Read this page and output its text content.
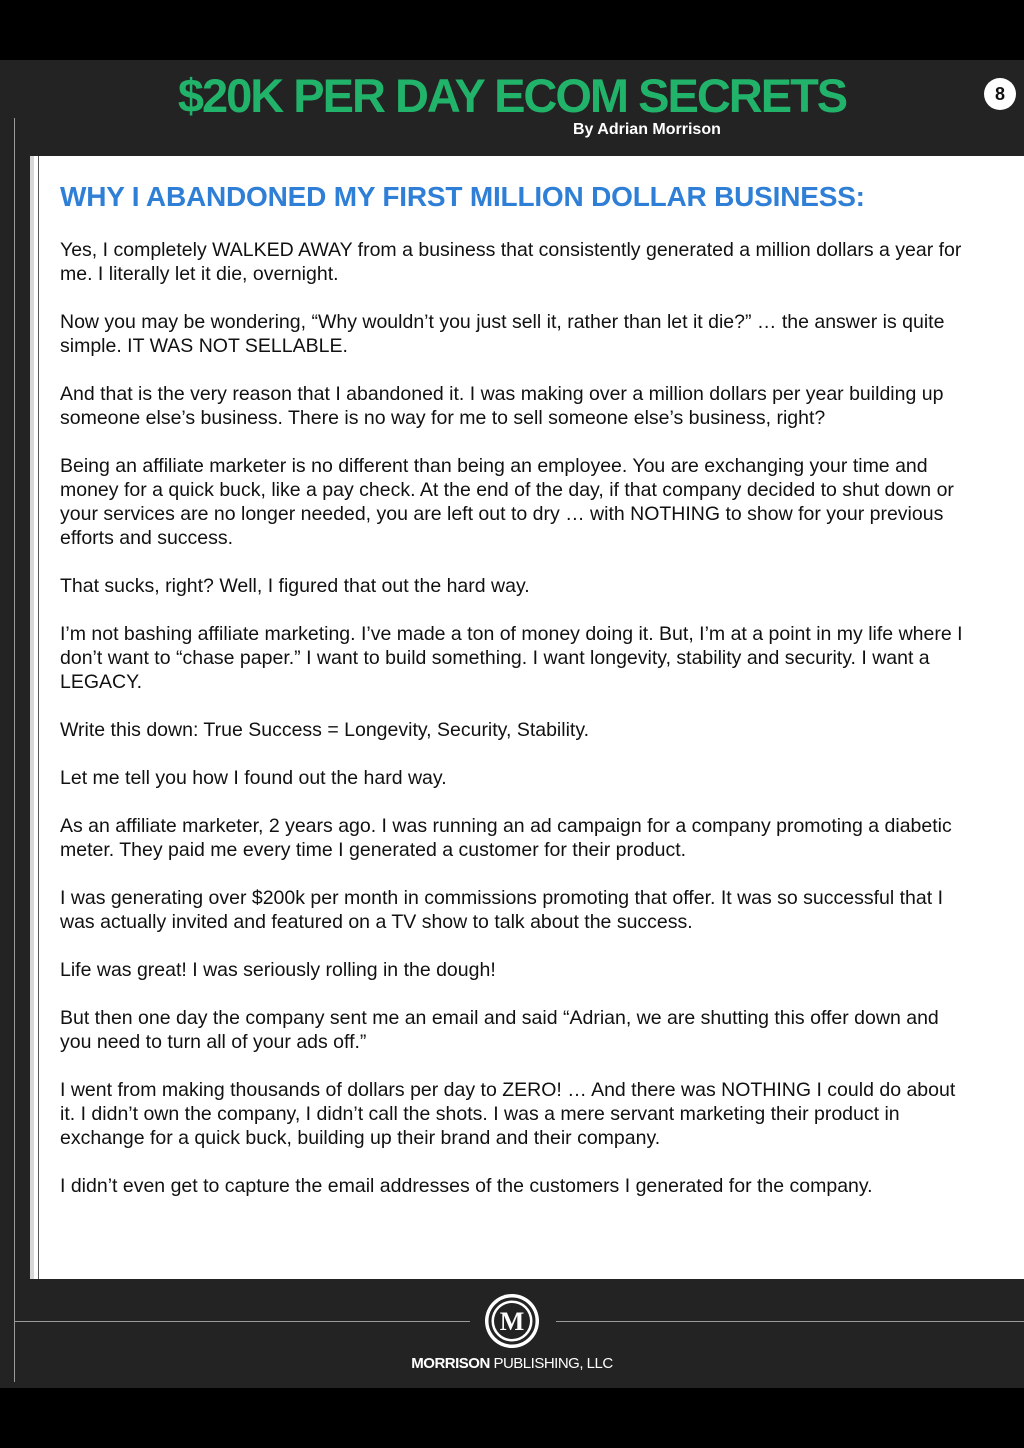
$20K PER DAY ECOM SECRETS
By Adrian Morrison
8
WHY I ABANDONED MY FIRST MILLION DOLLAR BUSINESS:

Yes, I completely WALKED AWAY from a business that consistently generated a million dollars a year for me. I literally let it die, overnight.

Now you may be wondering, “Why wouldn’t you just sell it, rather than let it die?” … the answer is quite simple. IT WAS NOT SELLABLE.

And that is the very reason that I abandoned it. I was making over a million dollars per year building up someone else’s business. There is no way for me to sell someone else’s business, right?

Being an affiliate marketer is no different than being an employee. You are exchanging your time and money for a quick buck, like a pay check. At the end of the day, if that company decided to shut down or your services are no longer needed, you are left out to dry … with NOTHING to show for your previous efforts and success.

That sucks, right? Well, I figured that out the hard way.

I’m not bashing affiliate marketing. I’ve made a ton of money doing it. But, I’m at a point in my life where I don’t want to “chase paper.” I want to build something. I want longevity, stability and security. I want a LEGACY.

Write this down: True Success = Longevity, Security, Stability.

Let me tell you how I found out the hard way.

As an affiliate marketer, 2 years ago. I was running an ad campaign for a company promoting a diabetic meter. They paid me every time I generated a customer for their product.

I was generating over $200k per month in commissions promoting that offer. It was so successful that I was actually invited and featured on a TV show to talk about the success.

Life was great! I was seriously rolling in the dough!

But then one day the company sent me an email and said “Adrian, we are shutting this offer down and you need to turn all of your ads off.”

I went from making thousands of dollars per day to ZERO! … And there was NOTHING I could do about it. I didn’t own the company, I didn’t call the shots. I was a mere servant marketing their product in exchange for a quick buck, building up their brand and their company.

I didn’t even get to capture the email addresses of the customers I generated for the company.

M
MORRISON PUBLISHING, LLC
